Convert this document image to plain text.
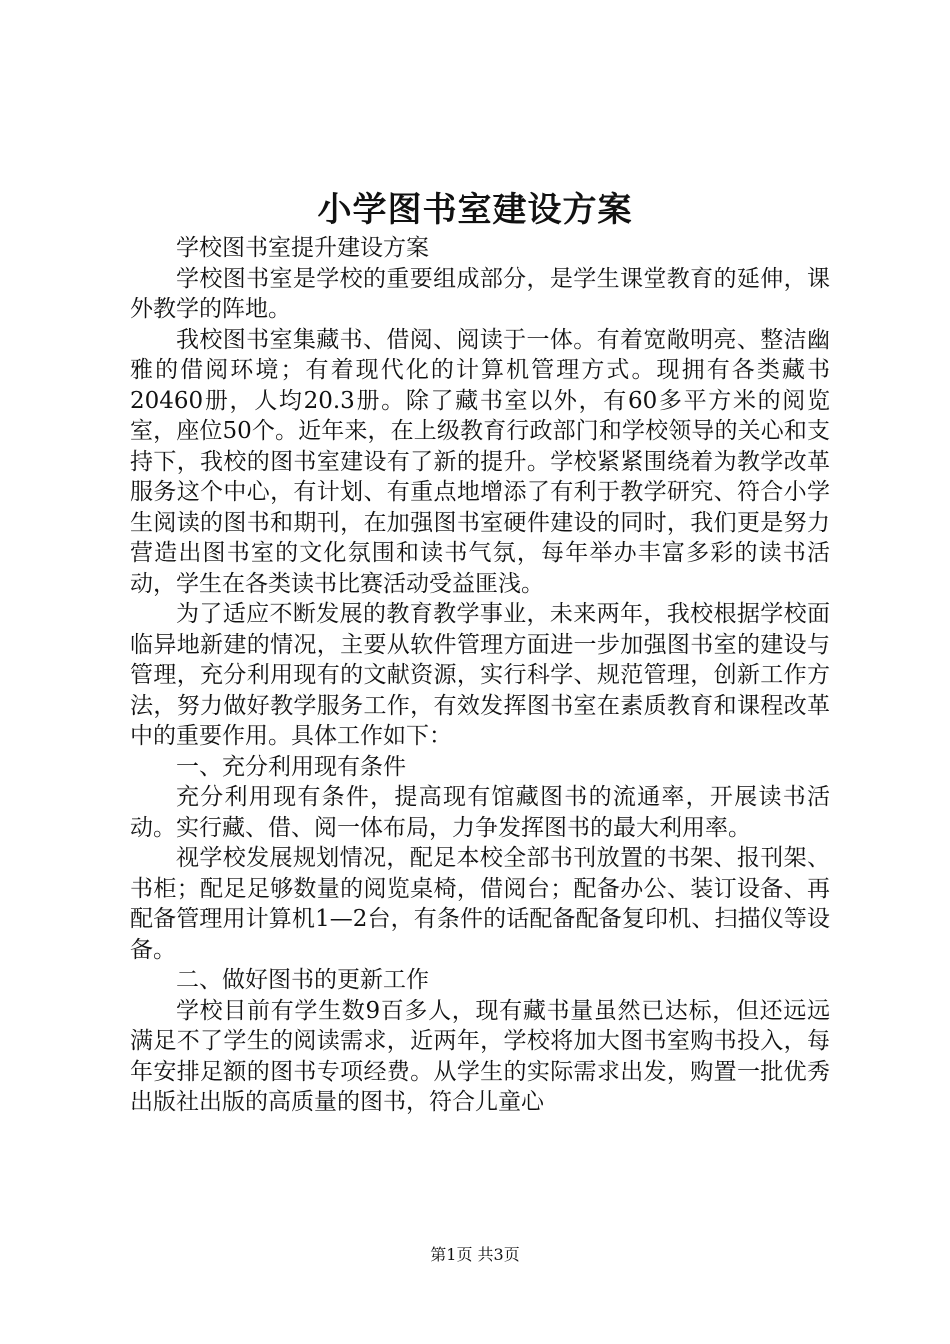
小学图书室建设方案

学校图书室提升建设方案

学校图书室是学校的重要组成部分，是学生课堂教育的延伸，课外教学的阵地。

我校图书室集藏书、借阅、阅读于一体。有着宽敞明亮、整洁幽雅的借阅环境；有着现代化的计算机管理方式。现拥有各类藏书20460册，人均20.3册。除了藏书室以外，有60多平方米的阅览室，座位50个。近年来，在上级教育行政部门和学校领导的关心和支持下，我校的图书室建设有了新的提升。学校紧紧围绕着为教学改革服务这个中心，有计划、有重点地增添了有利于教学研究、符合小学生阅读的图书和期刊，在加强图书室硬件建设的同时，我们更是努力营造出图书室的文化氛围和读书气氛，每年举办丰富多彩的读书活动，学生在各类读书比赛活动受益匪浅。

为了适应不断发展的教育教学事业，未来两年，我校根据学校面临异地新建的情况，主要从软件管理方面进一步加强图书室的建设与管理，充分利用现有的文献资源，实行科学、规范管理，创新工作方法，努力做好教学服务工作，有效发挥图书室在素质教育和课程改革中的重要作用。具体工作如下：

一、充分利用现有条件

充分利用现有条件，提高现有馆藏图书的流通率，开展读书活动。实行藏、借、阅一体布局，力争发挥图书的最大利用率。

视学校发展规划情况，配足本校全部书刊放置的书架、报刊架、书柜；配足足够数量的阅览桌椅，借阅台；配备办公、装订设备、再配备管理用计算机1—2台，有条件的话配备配备复印机、扫描仪等设备。

二、做好图书的更新工作

学校目前有学生数9百多人，现有藏书量虽然已达标，但还远远满足不了学生的阅读需求，近两年，学校将加大图书室购书投入，每年安排足额的图书专项经费。从学生的实际需求出发，购置一批优秀出版社出版的高质量的图书，符合儿童心

第1页 共3页
